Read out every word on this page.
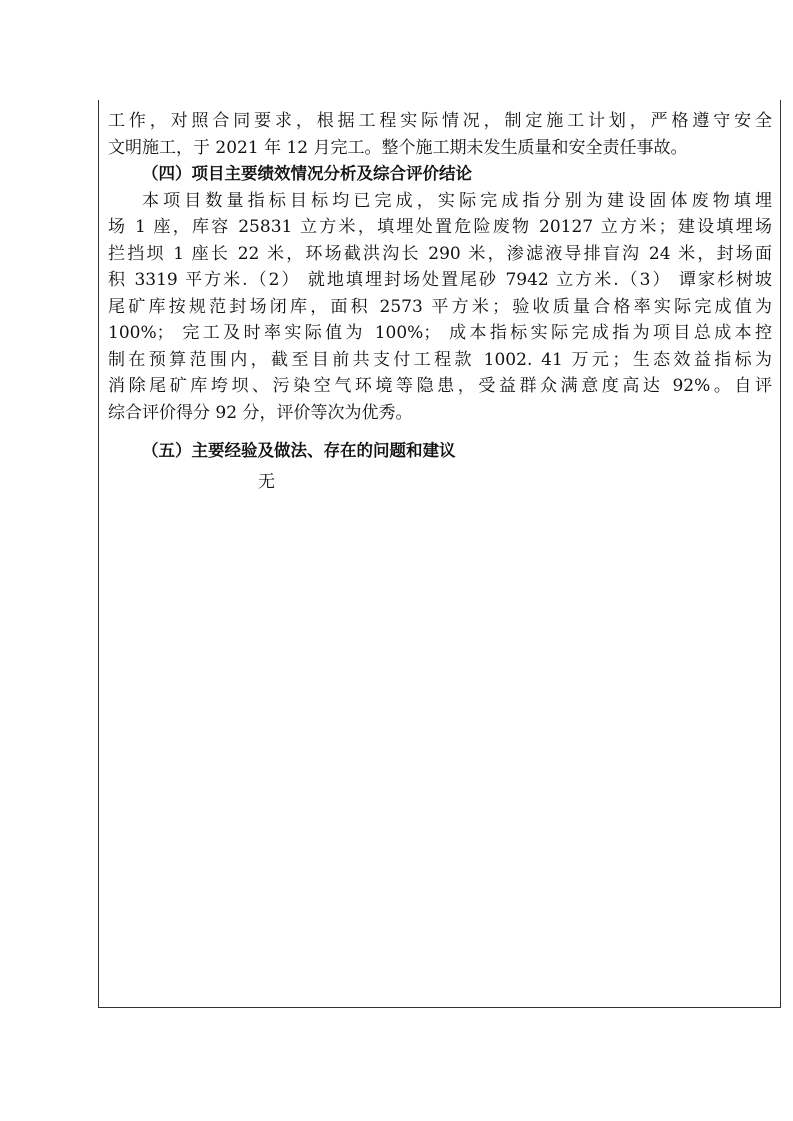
工作，对照合同要求，根据工程实际情况，制定施工计划，严格遵守安全

文明施工，于 2021 年 12 月完工。整个施工期未发生质量和安全责任事故。

（四）项目主要绩效情况分析及综合评价结论

本项目数量指标目标均已完成，实际完成指分别为建设固体废物填埋

场 1 座，库容 25831 立方米，填埋处置危险废物 20127 立方米；建设填埋场

拦挡坝 1 座长 22 米，环场截洪沟长 290 米，渗滤液导排盲沟 24 米，封场面

积 3319 平方米.（2） 就地填埋封场处置尾砂 7942 立方米.（3） 谭家杉树坡

尾矿库按规范封场闭库，面积 2573 平方米；验收质量合格率实际完成值为

100%； 完工及时率实际值为 100%； 成本指标实际完成指为项目总成本控

制在预算范围内，截至目前共支付工程款 1002. 41 万元；生态效益指标为

消除尾矿库垮坝、污染空气环境等隐患，受益群众满意度高达 92%。自评

综合评价得分 92 分，评价等次为优秀。

（五）主要经验及做法、存在的问题和建议
无
